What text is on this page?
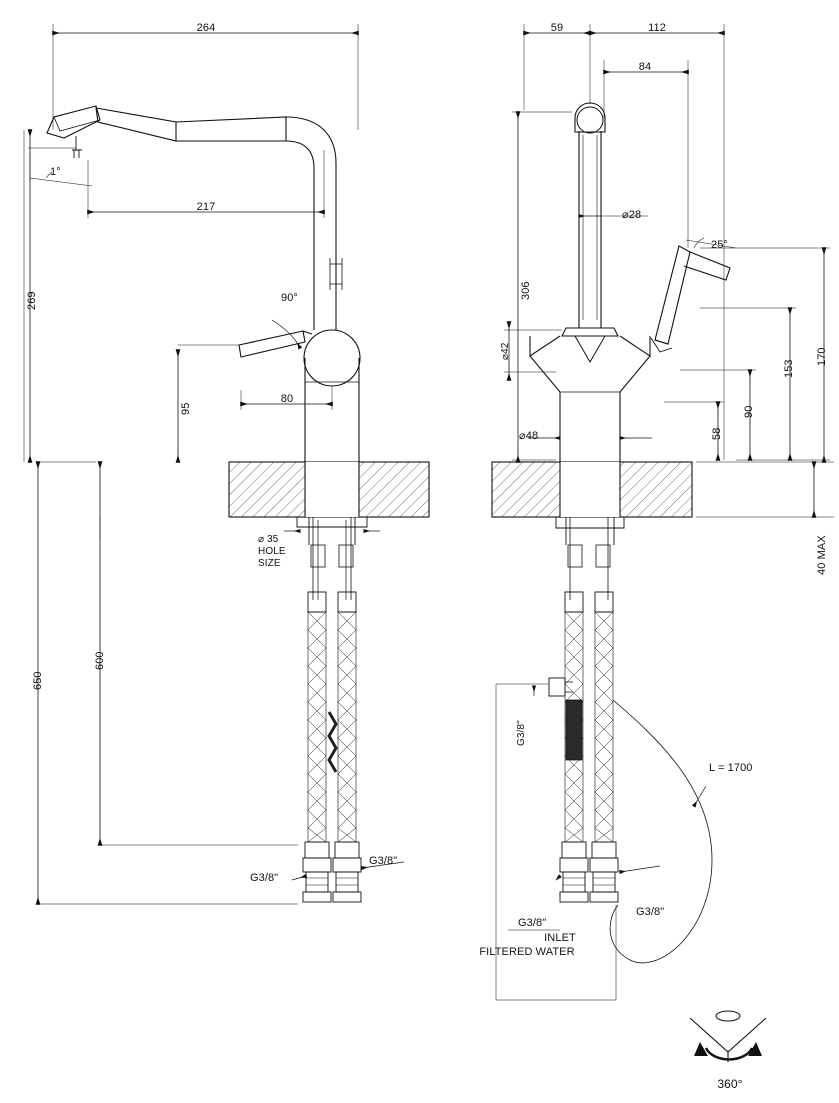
264
217
1°
269
95
80
90°
⌀ 35
HOLE
SIZE
600
650
G3/8"
G3/8"
59	112
84
⌀28
306
⌀42
⌀48
25°
170
153
90
58
40 MAX
L = 1700
G3/8"
G3/8"
G3/8"
INLET
FILTERED WATER
360°
